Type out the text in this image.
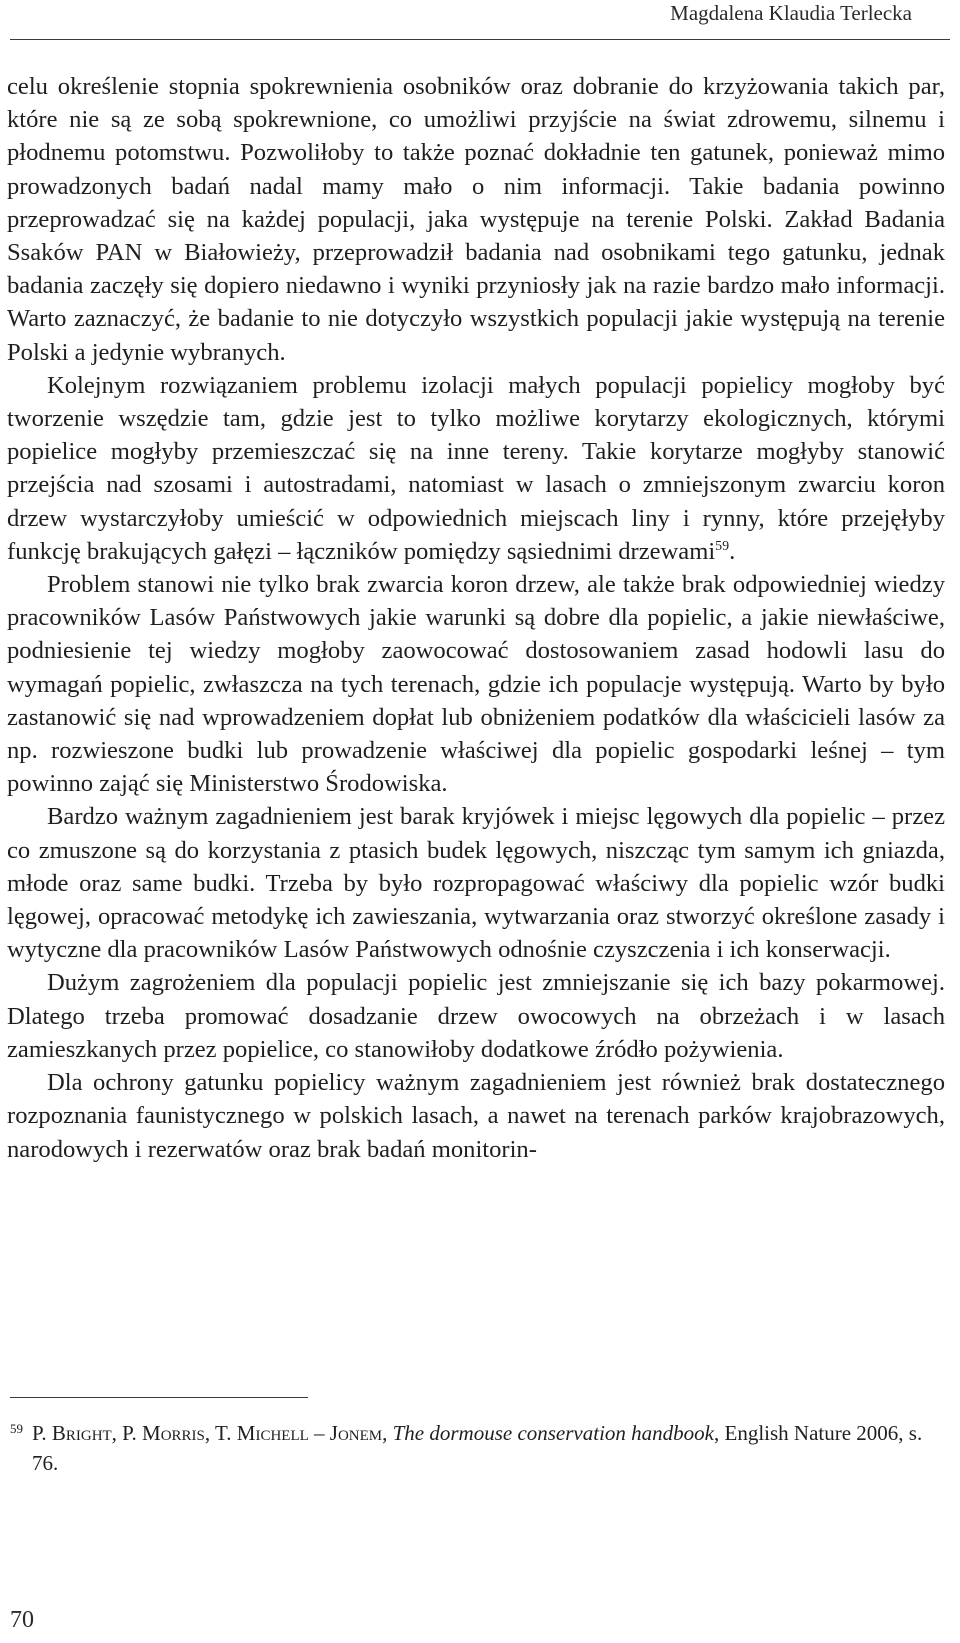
Magdalena Klaudia Terlecka

celu określenie stopnia spokrewnienia osobników oraz dobranie do krzyżowania takich par, które nie są ze sobą spokrewnione, co umożliwi przyjście na świat zdrowemu, silnemu i płodnemu potomstwu. Pozwoliłoby to także poznać dokładnie ten gatunek, ponieważ mimo prowadzonych badań nadal mamy mało o nim informacji. Takie badania powinno przeprowadzać się na każdej populacji, jaka występuje na terenie Polski. Zakład Badania Ssaków PAN w Białowieży, przeprowadził badania nad osobnikami tego gatunku, jednak badania zaczęły się dopiero niedawno i wyniki przyniosły jak na razie bardzo mało informacji. Warto zaznaczyć, że badanie to nie dotyczyło wszystkich populacji jakie występują na terenie Polski a jedynie wybranych.

Kolejnym rozwiązaniem problemu izolacji małych populacji popielicy mogłoby być tworzenie wszędzie tam, gdzie jest to tylko możliwe korytarzy ekologicznych, którymi popielice mogłyby przemieszczać się na inne tereny. Takie korytarze mogłyby stanowić przejścia nad szosami i autostradami, natomiast w lasach o zmniejszonym zwarciu koron drzew wystarczyłoby umieścić w odpowiednich miejscach liny i rynny, które przejęłyby funkcję brakujących gałęzi – łączników pomiędzy sąsiednimi drzewami$^{59}$.

Problem stanowi nie tylko brak zwarcia koron drzew, ale także brak odpowiedniej wiedzy pracowników Lasów Państwowych jakie warunki są dobre dla popielic, a jakie niewłaściwe, podniesienie tej wiedzy mogłoby zaowocować dostosowaniem zasad hodowli lasu do wymagań popielic, zwłaszcza na tych terenach, gdzie ich populacje występują. Warto by było zastanowić się nad wprowadzeniem dopłat lub obniżeniem podatków dla właścicieli lasów za np. rozwieszone budki lub prowadzenie właściwej dla popielic gospodarki leśnej – tym powinno zająć się Ministerstwo Środowiska.

Bardzo ważnym zagadnieniem jest barak kryjówek i miejsc lęgowych dla popielic – przez co zmuszone są do korzystania z ptasich budek lęgowych, niszcząc tym samym ich gniazda, młode oraz same budki. Trzeba by było rozpropagować właściwy dla popielic wzór budki lęgowej, opracować metodykę ich zawieszania, wytwarzania oraz stworzyć określone zasady i wytyczne dla pracowników Lasów Państwowych odnośnie czyszczenia i ich konserwacji.

Dużym zagrożeniem dla populacji popielic jest zmniejszanie się ich bazy pokarmowej. Dlatego trzeba promować dosadzanie drzew owocowych na obrzeżach i w lasach zamieszkanych przez popielice, co stanowiłoby dodatkowe źródło pożywienia.

Dla ochrony gatunku popielicy ważnym zagadnieniem jest również brak dostatecznego rozpoznania faunistycznego w polskich lasach, a nawet na terenach parków krajobrazowych, narodowych i rezerwatów oraz brak badań monitorin-

59 P. Bright, P. Morris, T. Michell – Jonem, The dormouse conservation handbook, English Nature 2006, s. 76.
70
